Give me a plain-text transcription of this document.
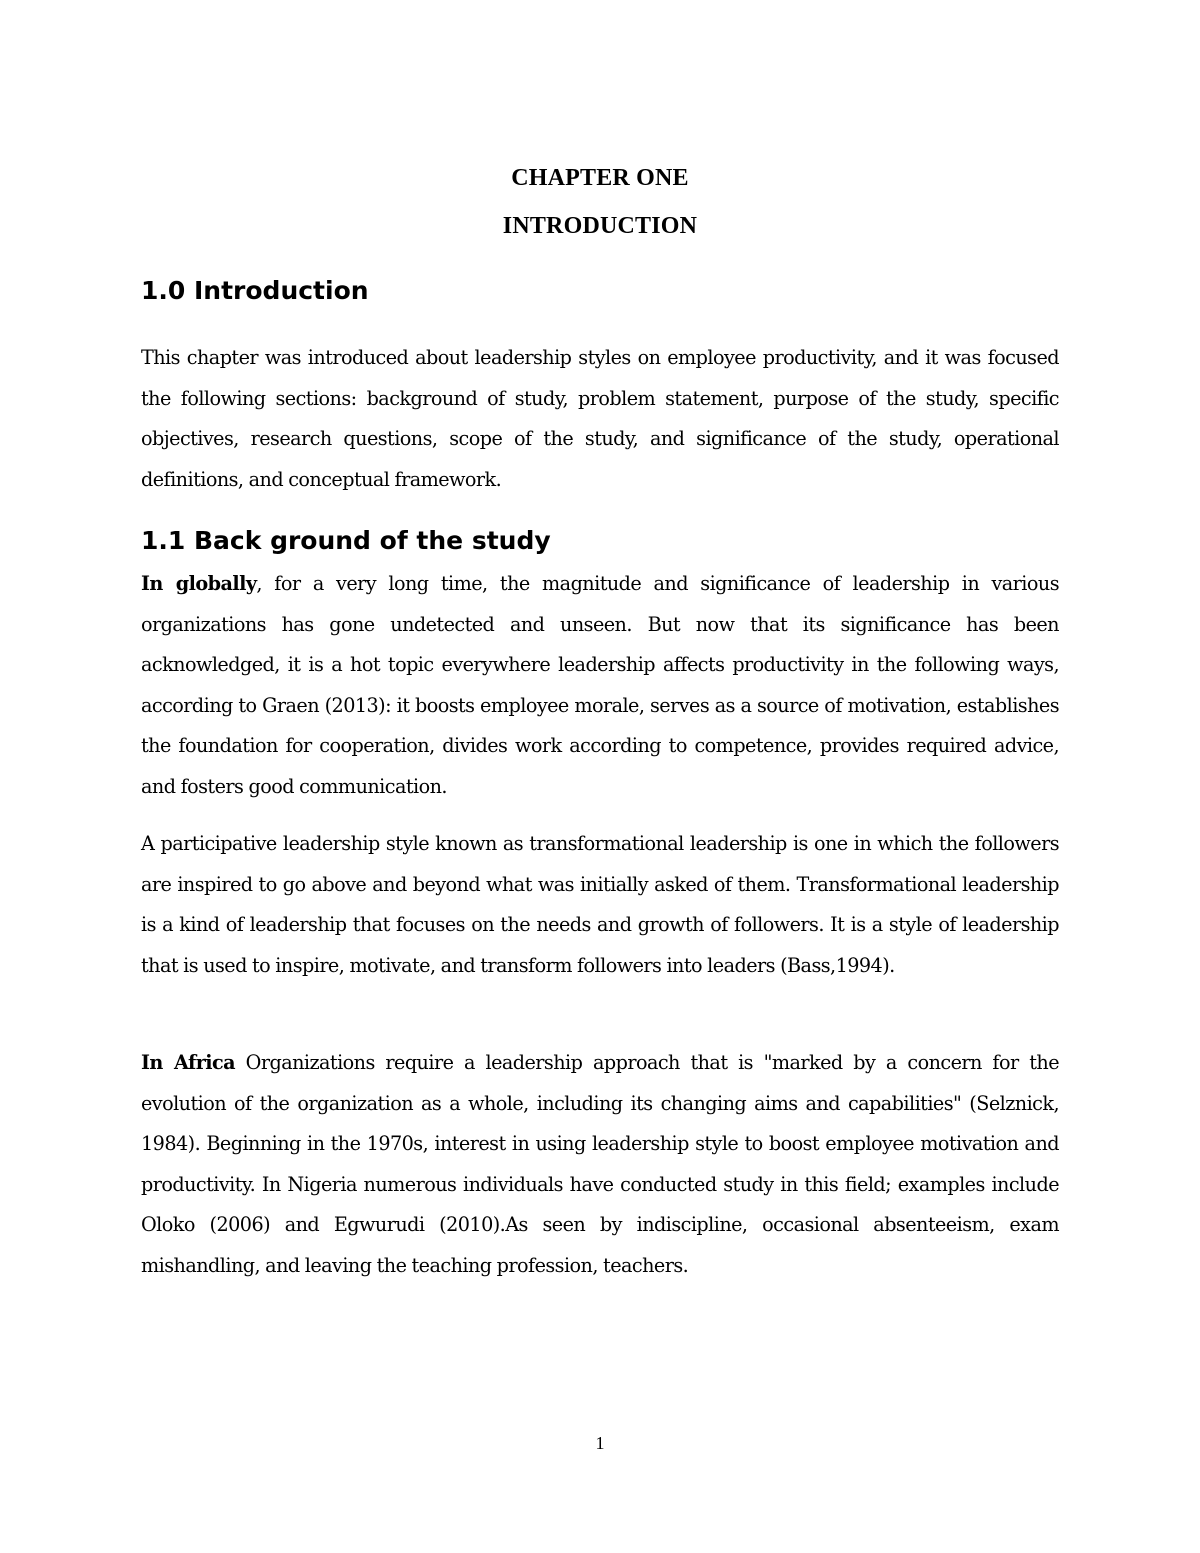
CHAPTER ONE
INTRODUCTION
1.0 Introduction
This chapter was introduced about leadership styles on employee productivity, and it was focused the following sections: background of study, problem statement, purpose of the study, specific objectives, research questions, scope of the study, and significance of the study, operational definitions, and conceptual framework.
1.1 Back ground of the study
In globally, for a very long time, the magnitude and significance of leadership in various organizations has gone undetected and unseen. But now that its significance has been acknowledged, it is a hot topic everywhere leadership affects productivity in the following ways, according to Graen (2013): it boosts employee morale, serves as a source of motivation, establishes the foundation for cooperation, divides work according to competence, provides required advice, and fosters good communication.
A participative leadership style known as transformational leadership is one in which the followers are inspired to go above and beyond what was initially asked of them. Transformational leadership is a kind of leadership that focuses on the needs and growth of followers. It is a style of leadership that is used to inspire, motivate, and transform followers into leaders (Bass,1994).
In Africa Organizations require a leadership approach that is "marked by a concern for the evolution of the organization as a whole, including its changing aims and capabilities" (Selznick, 1984). Beginning in the 1970s, interest in using leadership style to boost employee motivation and productivity. In Nigeria numerous individuals have conducted study in this field; examples include Oloko (2006) and Egwurudi (2010).As seen by indiscipline, occasional absenteeism, exam mishandling, and leaving the teaching profession, teachers.
1
